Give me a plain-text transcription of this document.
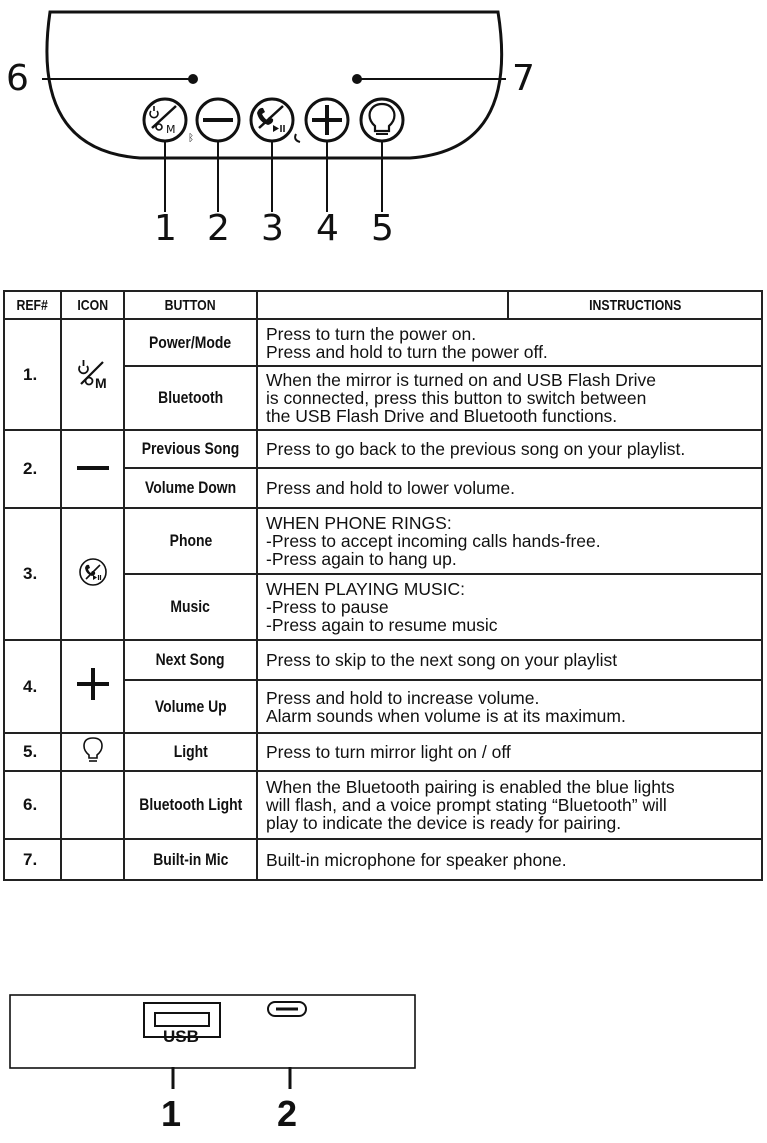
M
ᛒ
6	7
1 2 3 4 5
REF#	ICON	BUTTON		INSTRUCTIONS
1.	M	Power/Mode	Press to turn the power on.
Press and hold to turn the power off.	

		Bluetooth	When the mirror is turned on and USB Flash Drive
is connected, press this button to switch between
the USB Flash Drive and Bluetooth functions.	

2.		Previous Song	Press to go back to the previous song on your playlist.	

		Volume Down	Press and hold to lower volume.	

3.		Phone	WHEN PHONE RINGS:
-Press to accept incoming calls hands-free.
-Press again to hang up.	

		Music	WHEN PLAYING MUSIC:
-Press to pause
-Press again to resume music	

4.		Next Song	Press to skip to the next song on your playlist	

		Volume Up	Press and hold to increase volume.
Alarm sounds when volume is at its maximum.	

5.		Light	Press to turn mirror light on / off	

6.		Bluetooth Light	When the Bluetooth pairing is enabled the blue lights
will flash, and a voice prompt stating “Bluetooth” will
play to indicate the device is ready for pairing.	

7.		Built-in Mic	Built-in microphone for speaker phone.	
USB
1	2
